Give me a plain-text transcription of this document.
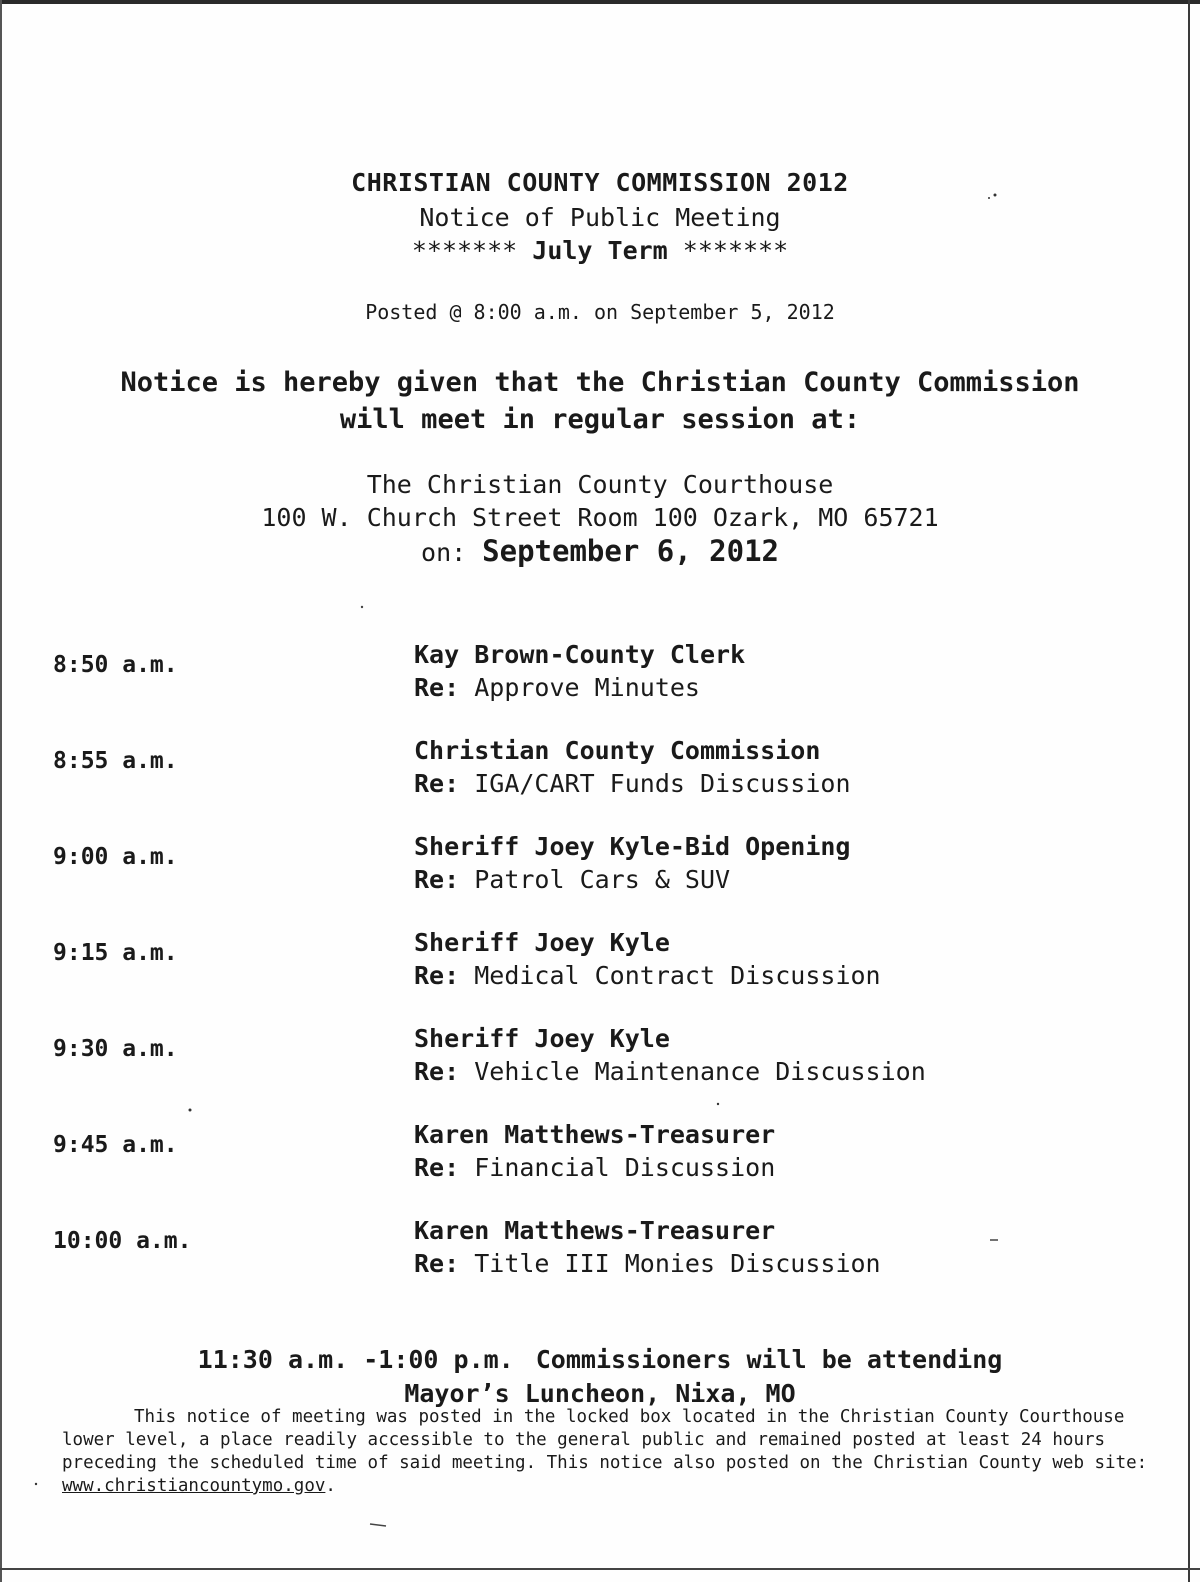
CHRISTIAN COUNTY COMMISSION 2012
Notice of Public Meeting
******* July Term *******
Posted @ 8:00 a.m. on September 5, 2012
Notice is hereby given that the Christian County Commission
will meet in regular session at:
The Christian County Courthouse
100 W. Church Street Room 100 Ozark, MO 65721
on: September 6, 2012
8:50 a.m.	Kay Brown-County Clerk
Re: Approve Minutes
8:55 a.m.	Christian County Commission
Re: IGA/CART Funds Discussion
9:00 a.m.	Sheriff Joey Kyle-Bid Opening
Re: Patrol Cars & SUV
9:15 a.m.	Sheriff Joey Kyle
Re: Medical Contract Discussion
9:30 a.m.	Sheriff Joey Kyle
Re: Vehicle Maintenance Discussion
9:45 a.m.	Karen Matthews-Treasurer
Re: Financial Discussion
10:00 a.m.	Karen Matthews-Treasurer
Re: Title III Monies Discussion
11:30 a.m. -1:00 p.m. Commissioners will be attending
Mayor’s Luncheon, Nixa, MO
This notice of meeting was posted in the locked box located in the Christian County Courthouse lower level, a place readily accessible to the general public and remained posted at least 24 hours preceding the scheduled time of said meeting. This notice also posted on the Christian County web site: www.christiancountymo.gov.
